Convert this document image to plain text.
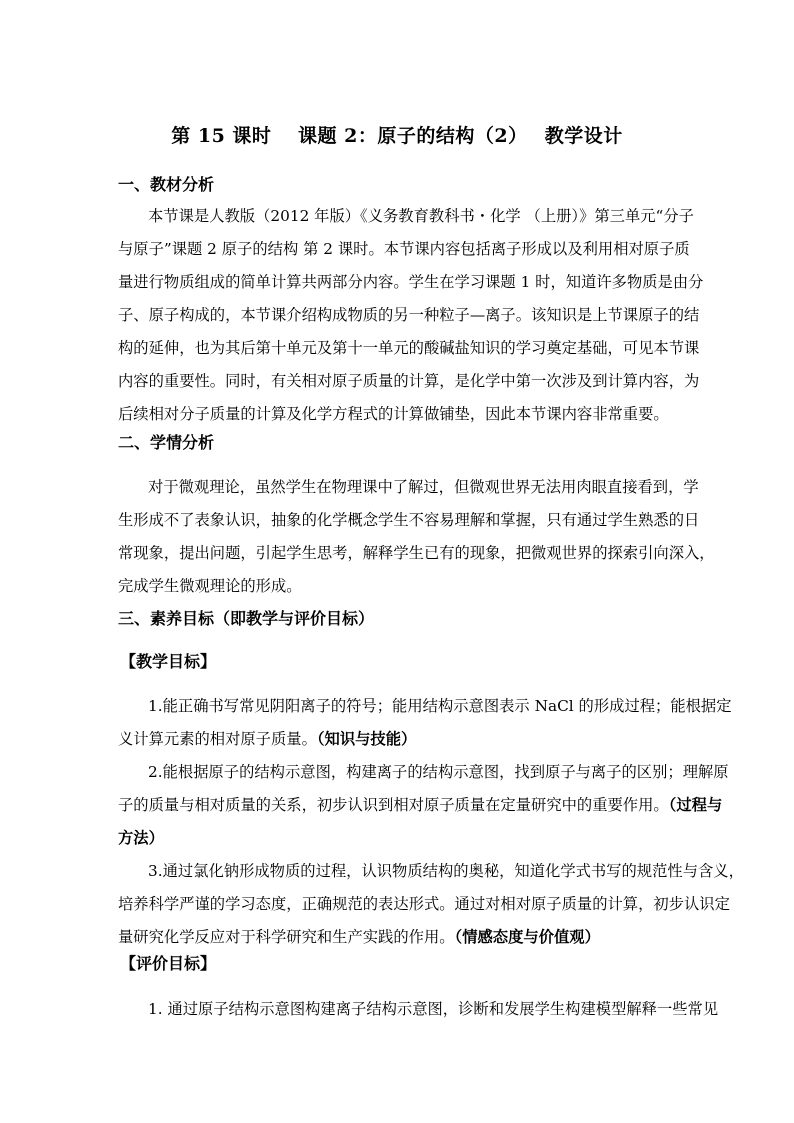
第 15 课时　 课题 2：原子的结构（2）　 教学设计
一、教材分析
本节课是人教版（2012 年版）《义务教育教科书・化学 （上册）》第三单元“分子
与原子”课题 2 原子的结构 第 2 课时。本节课内容包括离子形成以及利用相对原子质
量进行物质组成的简单计算共两部分内容。学生在学习课题 1 时，知道许多物质是由分
子、原子构成的，本节课介绍构成物质的另一种粒子—离子。该知识是上节课原子的结
构的延伸，也为其后第十单元及第十一单元的酸碱盐知识的学习奠定基础，可见本节课
内容的重要性。同时，有关相对原子质量的计算，是化学中第一次涉及到计算内容，为
后续相对分子质量的计算及化学方程式的计算做铺垫，因此本节课内容非常重要。
二、学情分析
对于微观理论，虽然学生在物理课中了解过，但微观世界无法用肉眼直接看到，学
生形成不了表象认识，抽象的化学概念学生不容易理解和掌握，只有通过学生熟悉的日
常现象，提出问题，引起学生思考，解释学生已有的现象，把微观世界的探索引向深入，
完成学生微观理论的形成。
三、素养目标（即教学与评价目标）
【教学目标】
1.能正确书写常见阴阳离子的符号；能用结构示意图表示 NaCl 的形成过程；能根据定
义计算元素的相对原子质量。（知识与技能）
2.能根据原子的结构示意图，构建离子的结构示意图，找到原子与离子的区别；理解原
子的质量与相对质量的关系，初步认识到相对原子质量在定量研究中的重要作用。（过程与
方法）
3.通过氯化钠形成物质的过程，认识物质结构的奥秘，知道化学式书写的规范性与含义，
培养科学严谨的学习态度，正确规范的表达形式。通过对相对原子质量的计算，初步认识定
量研究化学反应对于科学研究和生产实践的作用。（情感态度与价值观）
【评价目标】
1. 通过原子结构示意图构建离子结构示意图，诊断和发展学生构建模型解释一些常见
